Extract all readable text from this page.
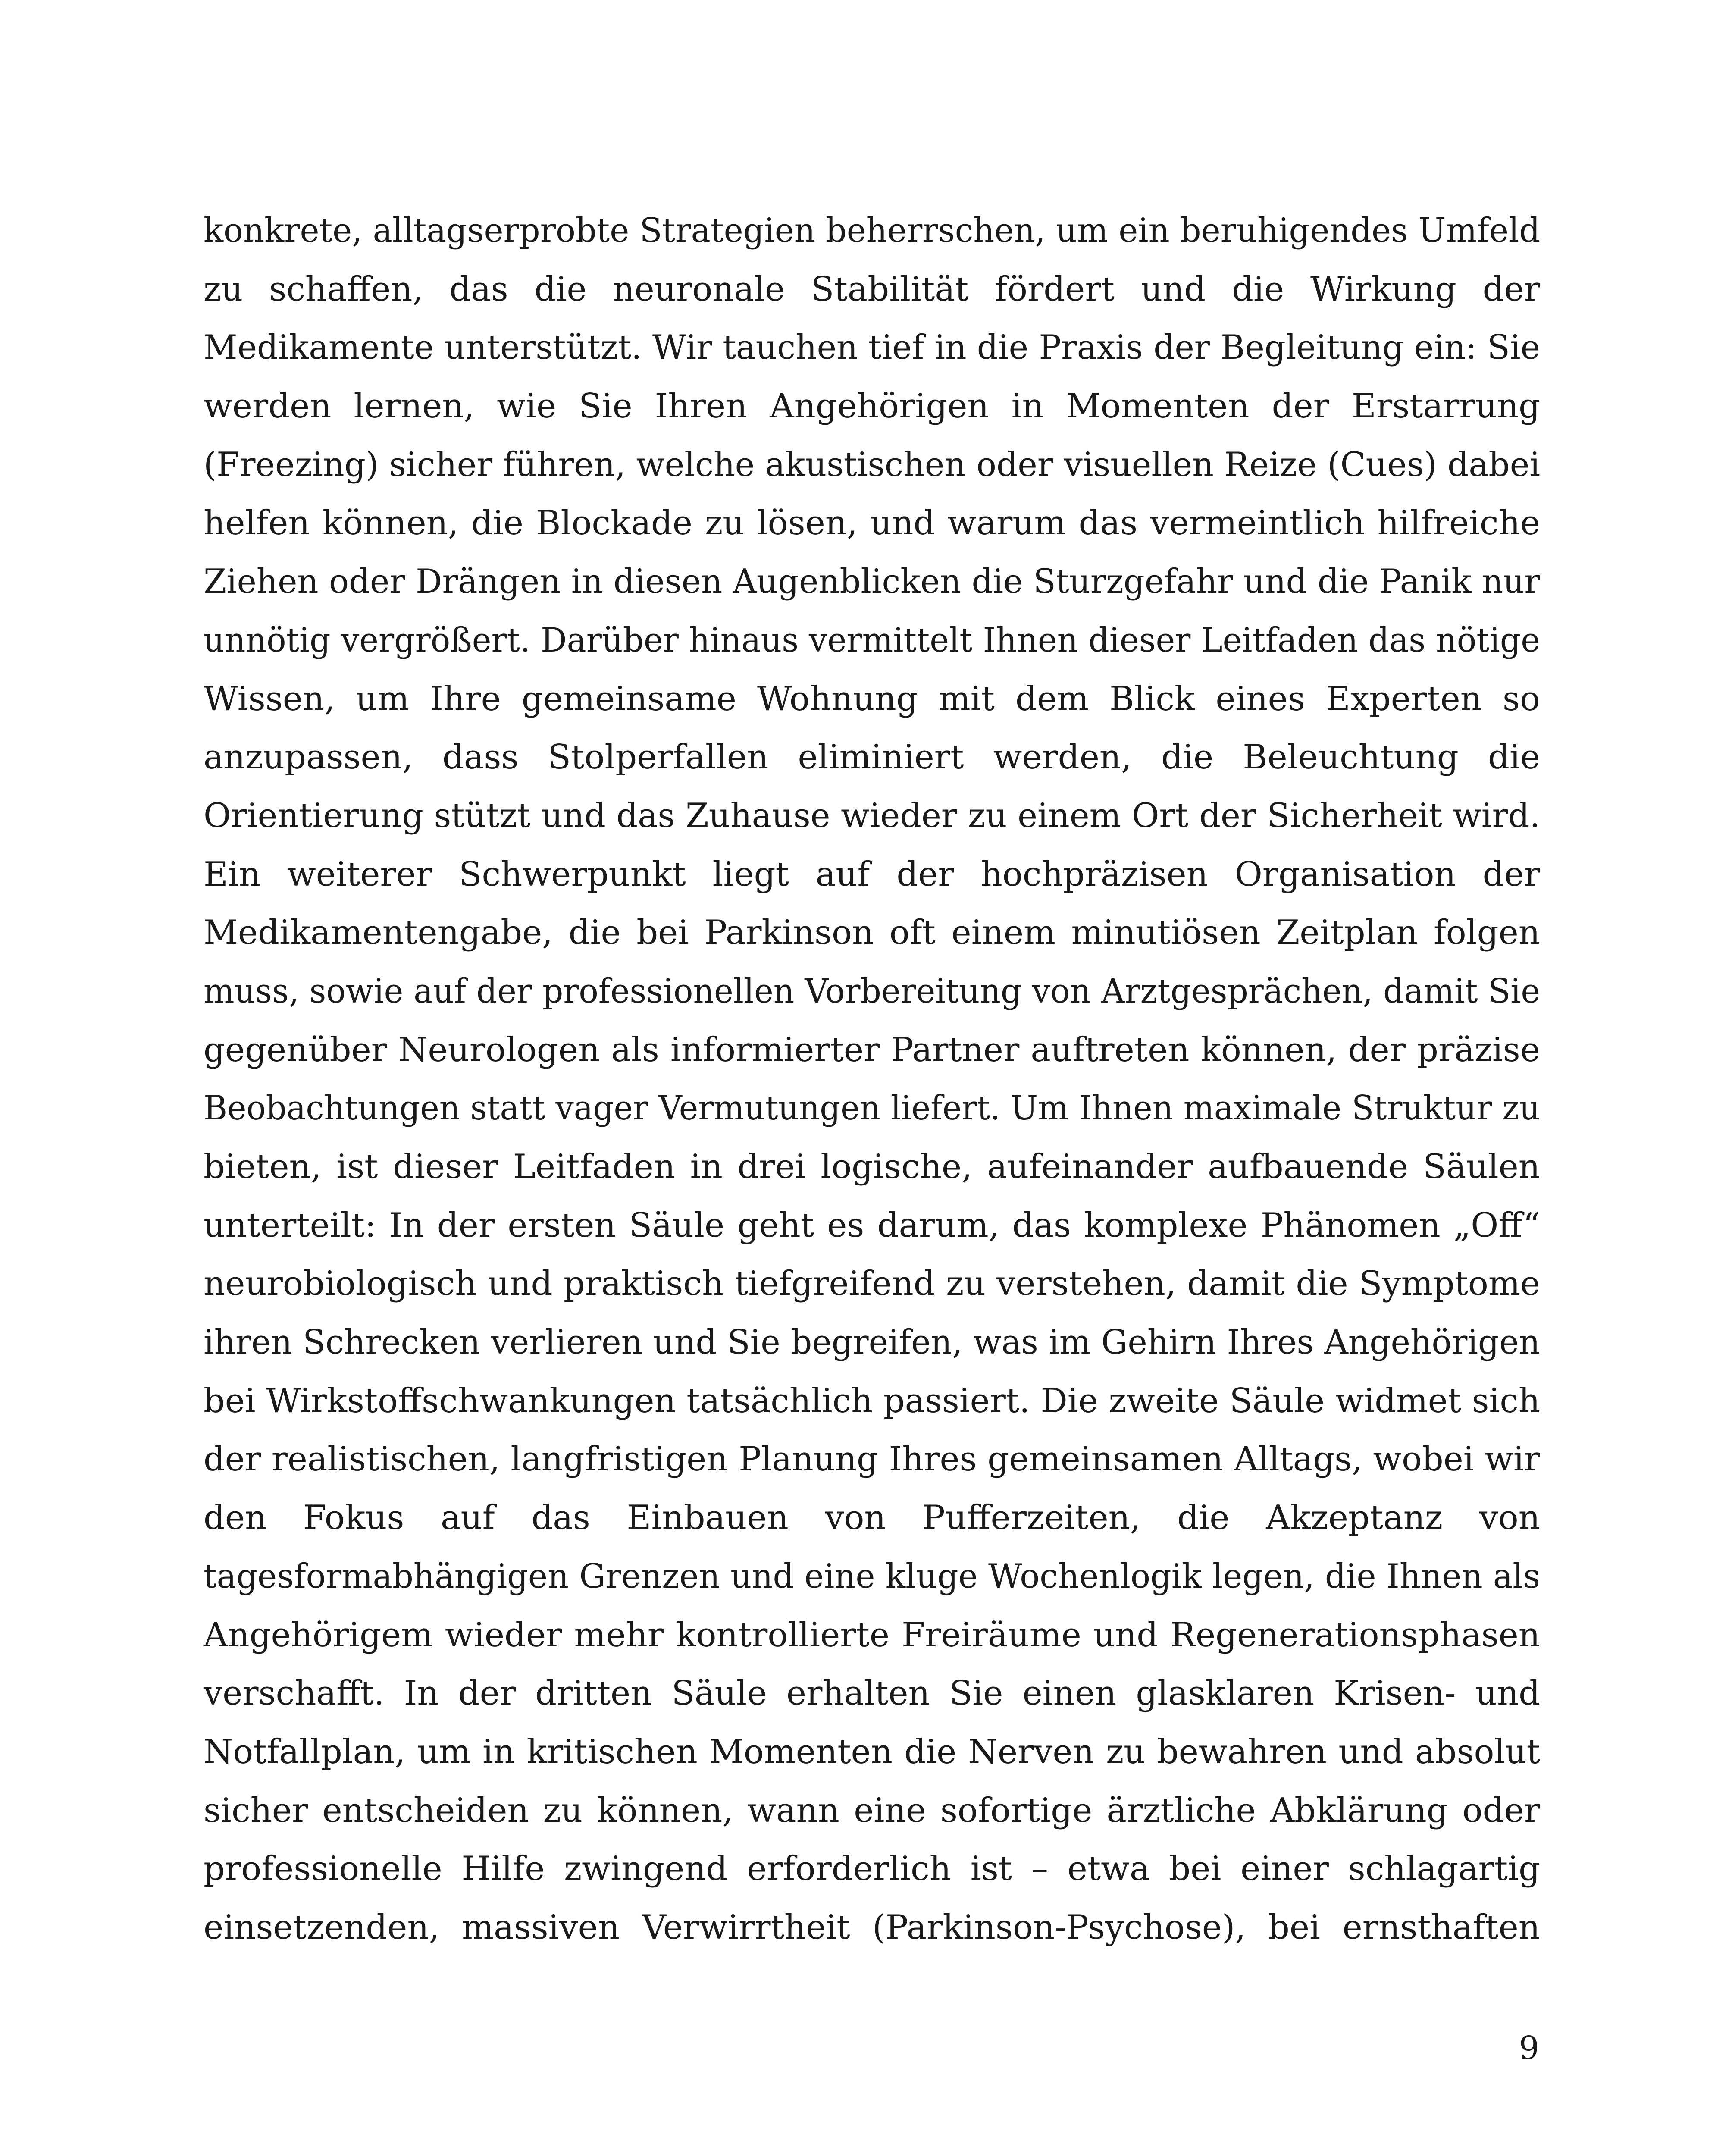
konkrete, alltagserprobte Strategien beherrschen, um ein beruhigendes Umfeld
zu schaffen, das die neuronale Stabilität fördert und die Wirkung der
Medikamente unterstützt. Wir tauchen tief in die Praxis der Begleitung ein: Sie
werden lernen, wie Sie Ihren Angehörigen in Momenten der Erstarrung
(Freezing) sicher führen, welche akustischen oder visuellen Reize (Cues) dabei
helfen können, die Blockade zu lösen, und warum das vermeintlich hilfreiche
Ziehen oder Drängen in diesen Augenblicken die Sturzgefahr und die Panik nur
unnötig vergrößert. Darüber hinaus vermittelt Ihnen dieser Leitfaden das nötige
Wissen, um Ihre gemeinsame Wohnung mit dem Blick eines Experten so
anzupassen, dass Stolperfallen eliminiert werden, die Beleuchtung die
Orientierung stützt und das Zuhause wieder zu einem Ort der Sicherheit wird.
Ein weiterer Schwerpunkt liegt auf der hochpräzisen Organisation der
Medikamentengabe, die bei Parkinson oft einem minutiösen Zeitplan folgen
muss, sowie auf der professionellen Vorbereitung von Arztgesprächen, damit Sie
gegenüber Neurologen als informierter Partner auftreten können, der präzise
Beobachtungen statt vager Vermutungen liefert. Um Ihnen maximale Struktur zu
bieten, ist dieser Leitfaden in drei logische, aufeinander aufbauende Säulen
unterteilt: In der ersten Säule geht es darum, das komplexe Phänomen „Off“
neurobiologisch und praktisch tiefgreifend zu verstehen, damit die Symptome
ihren Schrecken verlieren und Sie begreifen, was im Gehirn Ihres Angehörigen
bei Wirkstoffschwankungen tatsächlich passiert. Die zweite Säule widmet sich
der realistischen, langfristigen Planung Ihres gemeinsamen Alltags, wobei wir
den Fokus auf das Einbauen von Pufferzeiten, die Akzeptanz von
tagesformabhängigen Grenzen und eine kluge Wochenlogik legen, die Ihnen als
Angehörigem wieder mehr kontrollierte Freiräume und Regenerationsphasen
verschafft. In der dritten Säule erhalten Sie einen glasklaren Krisen- und
Notfallplan, um in kritischen Momenten die Nerven zu bewahren und absolut
sicher entscheiden zu können, wann eine sofortige ärztliche Abklärung oder
professionelle Hilfe zwingend erforderlich ist – etwa bei einer schlagartig
einsetzenden, massiven Verwirrtheit (Parkinson-Psychose), bei ernsthaften
9
